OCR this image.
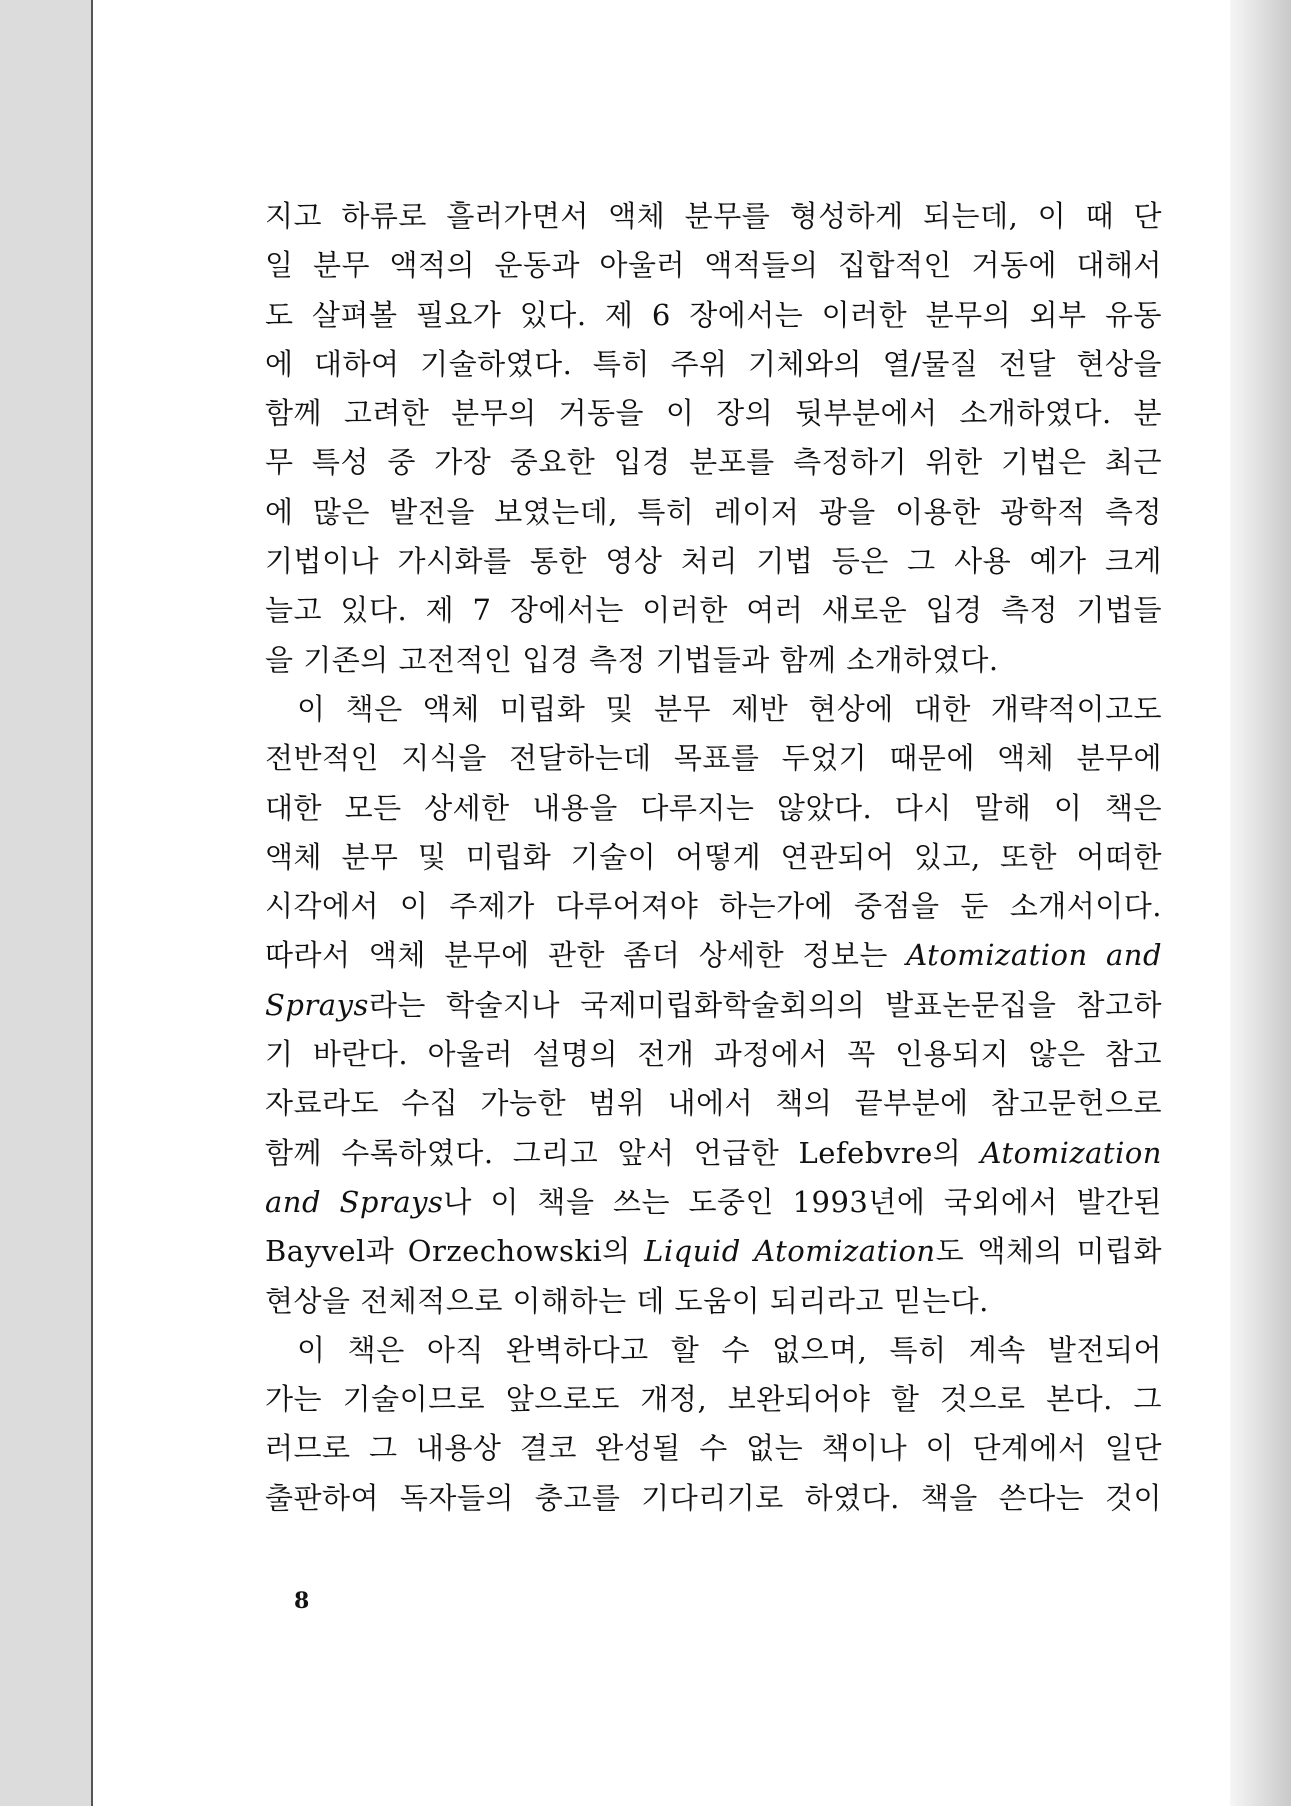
지고 하류로 흘러가면서 액체 분무를 형성하게 되는데, 이 때 단
일 분무 액적의 운동과 아울러 액적들의 집합적인 거동에 대해서
도 살펴볼 필요가 있다. 제 6 장에서는 이러한 분무의 외부 유동
에 대하여 기술하였다. 특히 주위 기체와의 열/물질 전달 현상을
함께 고려한 분무의 거동을 이 장의 뒷부분에서 소개하였다. 분
무 특성 중 가장 중요한 입경 분포를 측정하기 위한 기법은 최근
에 많은 발전을 보였는데, 특히 레이저 광을 이용한 광학적 측정
기법이나 가시화를 통한 영상 처리 기법 등은 그 사용 예가 크게
늘고 있다. 제 7 장에서는 이러한 여러 새로운 입경 측정 기법들
을 기존의 고전적인 입경 측정 기법들과 함께 소개하였다.
이 책은 액체 미립화 및 분무 제반 현상에 대한 개략적이고도
전반적인 지식을 전달하는데 목표를 두었기 때문에 액체 분무에
대한 모든 상세한 내용을 다루지는 않았다. 다시 말해 이 책은
액체 분무 및 미립화 기술이 어떻게 연관되어 있고, 또한 어떠한
시각에서 이 주제가 다루어져야 하는가에 중점을 둔 소개서이다.
따라서 액체 분무에 관한 좀더 상세한 정보는 Atomization and
Sprays라는 학술지나 국제미립화학술회의의 발표논문집을 참고하
기 바란다. 아울러 설명의 전개 과정에서 꼭 인용되지 않은 참고
자료라도 수집 가능한 범위 내에서 책의 끝부분에 참고문헌으로
함께 수록하였다. 그리고 앞서 언급한 Lefebvre의 Atomization
and Sprays나 이 책을 쓰는 도중인 1993년에 국외에서 발간된
Bayvel과 Orzechowski의 Liquid Atomization도 액체의 미립화
현상을 전체적으로 이해하는 데 도움이 되리라고 믿는다.
이 책은 아직 완벽하다고 할 수 없으며, 특히 계속 발전되어
가는 기술이므로 앞으로도 개정, 보완되어야 할 것으로 본다. 그
러므로 그 내용상 결코 완성될 수 없는 책이나 이 단계에서 일단
출판하여 독자들의 충고를 기다리기로 하였다. 책을 쓴다는 것이
8
